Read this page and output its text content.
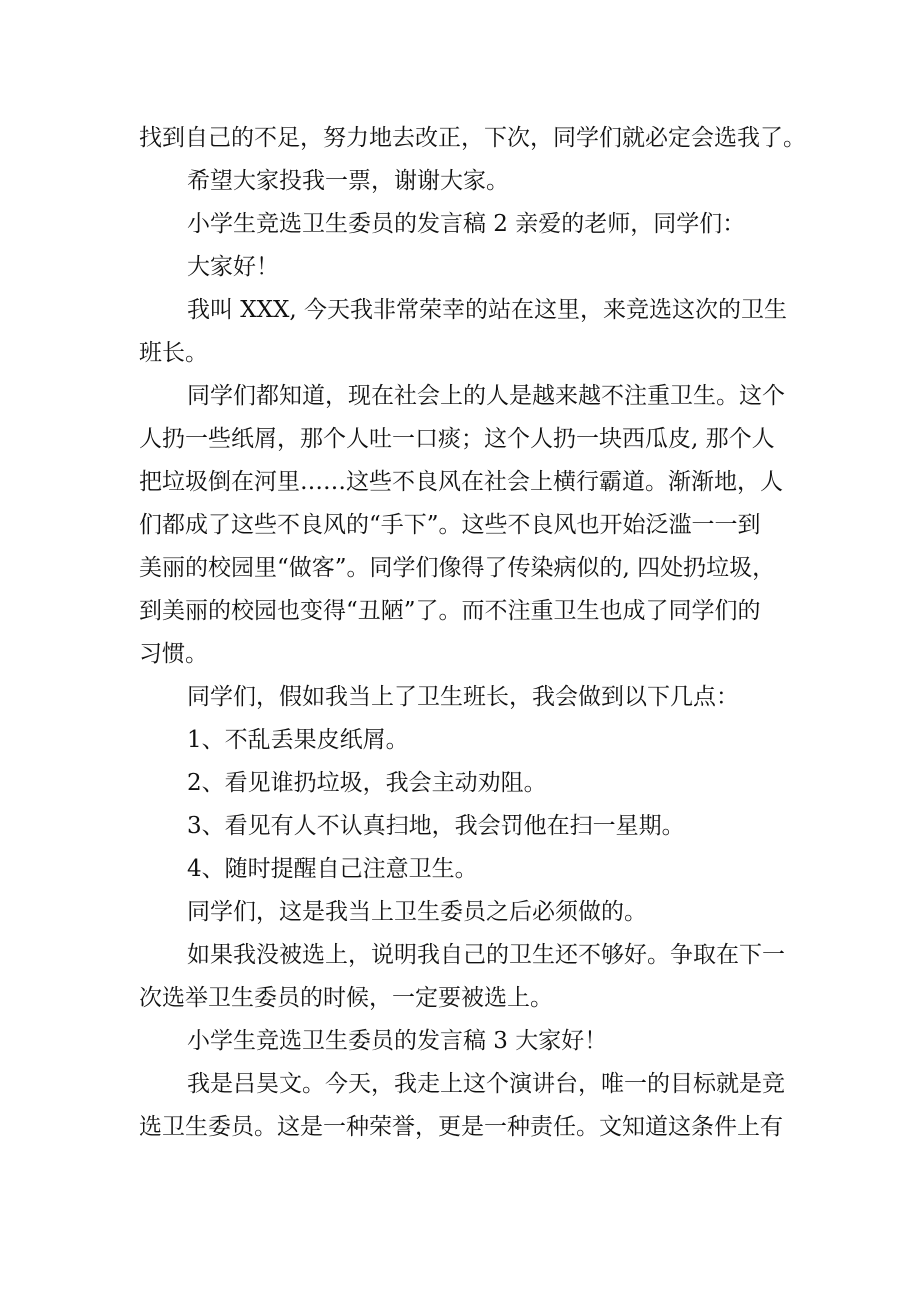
找到自己的不足，努力地去改正，下次，同学们就必定会选我了。

希望大家投我一票，谢谢大家。

小学生竞选卫生委员的发言稿 2 亲爱的老师，同学们：

大家好！

我叫 XXX, 今天我非常荣幸的站在这里，来竞选这次的卫生
班长。

同学们都知道，现在社会上的人是越来越不注重卫生。这个
人扔一些纸屑，那个人吐一口痰；这个人扔一块西瓜皮, 那个人
把垃圾倒在河里……这些不良风在社会上横行霸道。渐渐地，人
们都成了这些不良风的“手下”。这些不良风也开始泛滥一一到
美丽的校园里“做客”。同学们像得了传染病似的, 四处扔垃圾，
到美丽的校园也变得“丑陋”了。而不注重卫生也成了同学们的
习惯。

同学们，假如我当上了卫生班长，我会做到以下几点：

1、不乱丢果皮纸屑。

2、看见谁扔垃圾，我会主动劝阻。

3、看见有人不认真扫地，我会罚他在扫一星期。

4、随时提醒自己注意卫生。

同学们，这是我当上卫生委员之后必须做的。

如果我没被选上，说明我自己的卫生还不够好。争取在下一
次选举卫生委员的时候，一定要被选上。

小学生竞选卫生委员的发言稿 3 大家好！

我是吕昊文。今天，我走上这个演讲台，唯一的目标就是竞
选卫生委员。这是一种荣誉，更是一种责任。文知道这条件上有
